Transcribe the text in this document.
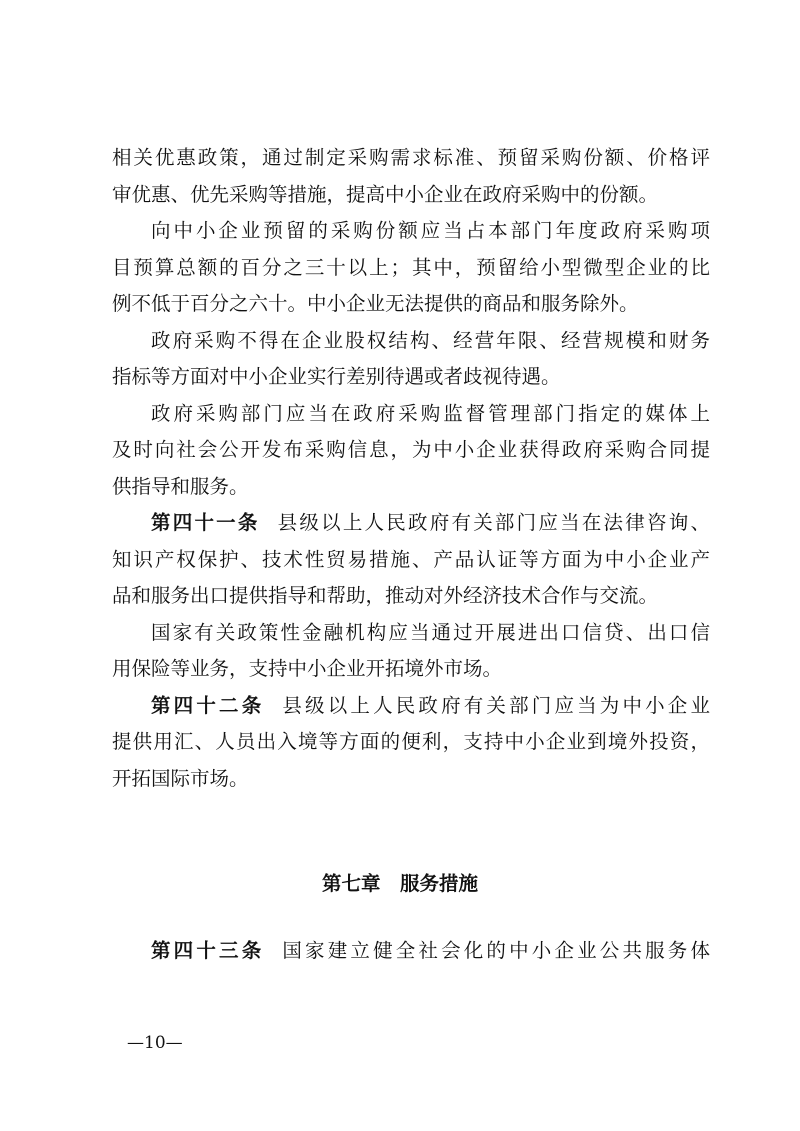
相关优惠政策，通过制定采购需求标准、预留采购份额、价格评
审优惠、优先采购等措施，提高中小企业在政府采购中的份额。
向中小企业预留的采购份额应当占本部门年度政府采购项
目预算总额的百分之三十以上；其中，预留给小型微型企业的比
例不低于百分之六十。中小企业无法提供的商品和服务除外。
政府采购不得在企业股权结构、经营年限、经营规模和财务
指标等方面对中小企业实行差别待遇或者歧视待遇。
政府采购部门应当在政府采购监督管理部门指定的媒体上
及时向社会公开发布采购信息，为中小企业获得政府采购合同提
供指导和服务。
第四十一条 县级以上人民政府有关部门应当在法律咨询、
知识产权保护、技术性贸易措施、产品认证等方面为中小企业产
品和服务出口提供指导和帮助，推动对外经济技术合作与交流。
国家有关政策性金融机构应当通过开展进出口信贷、出口信
用保险等业务，支持中小企业开拓境外市场。
第四十二条 县级以上人民政府有关部门应当为中小企业
提供用汇、人员出入境等方面的便利，支持中小企业到境外投资，
开拓国际市场。
第七章　服务措施
第四十三条 国家建立健全社会化的中小企业公共服务体
—10—
